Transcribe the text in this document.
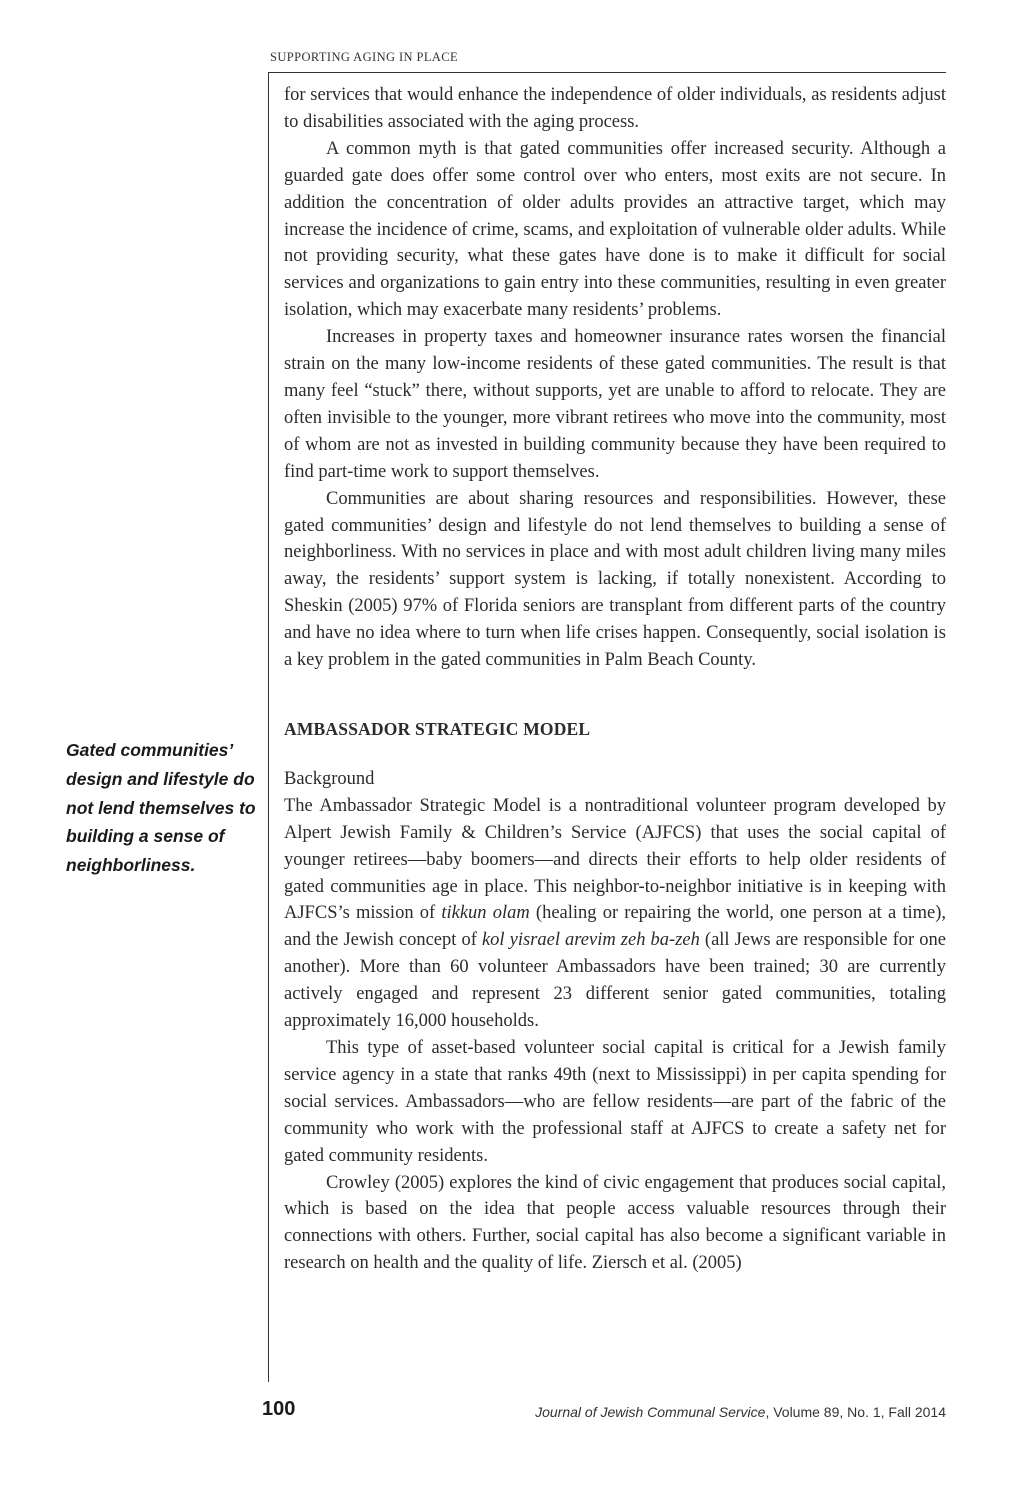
SUPPORTING AGING IN PLACE

for services that would enhance the independence of older individuals, as residents adjust to disabilities associated with the aging process.

A common myth is that gated communities offer increased security. Although a guarded gate does offer some control over who enters, most exits are not secure. In addition the concentration of older adults provides an attractive target, which may increase the incidence of crime, scams, and exploitation of vulnerable older adults. While not providing security, what these gates have done is to make it difficult for social services and organizations to gain entry into these communities, resulting in even greater isolation, which may exacerbate many residents’ problems.

Increases in property taxes and homeowner insurance rates worsen the financial strain on the many low-income residents of these gated communities. The result is that many feel “stuck” there, without supports, yet are unable to afford to relocate. They are often invisible to the younger, more vibrant retirees who move into the community, most of whom are not as invested in building community because they have been required to find part-time work to support themselves.

Communities are about sharing resources and responsibilities. However, these gated communities’ design and lifestyle do not lend themselves to building a sense of neighborliness. With no services in place and with most adult children living many miles away, the residents’ support system is lacking, if totally nonexistent. According to Sheskin (2005) 97% of Florida seniors are transplant from different parts of the country and have no idea where to turn when life crises happen. Consequently, social isolation is a key problem in the gated communities in Palm Beach County.

AMBASSADOR STRATEGIC MODEL
Background

The Ambassador Strategic Model is a nontraditional volunteer program developed by Alpert Jewish Family & Children’s Service (AJFCS) that uses the social capital of younger retirees—baby boomers—and directs their efforts to help older residents of gated communities age in place. This neighbor-to-neighbor initiative is in keeping with AJFCS’s mission of tikkun olam (healing or repairing the world, one person at a time), and the Jewish concept of kol yisrael arevim zeh ba-zeh (all Jews are responsible for one another). More than 60 volunteer Ambassadors have been trained; 30 are currently actively engaged and represent 23 different senior gated communities, totaling approximately 16,000 households.

This type of asset-based volunteer social capital is critical for a Jewish family service agency in a state that ranks 49th (next to Mississippi) in per capita spending for social services. Ambassadors—who are fellow residents—are part of the fabric of the community who work with the professional staff at AJFCS to create a safety net for gated community residents.

Crowley (2005) explores the kind of civic engagement that produces social capital, which is based on the idea that people access valuable resources through their connections with others. Further, social capital has also become a significant variable in research on health and the quality of life. Ziersch et al. (2005)

Gated communities’ design and lifestyle do not lend themselves to building a sense of neighborliness.
100	Journal of Jewish Communal Service, Volume 89, No. 1, Fall 2014
